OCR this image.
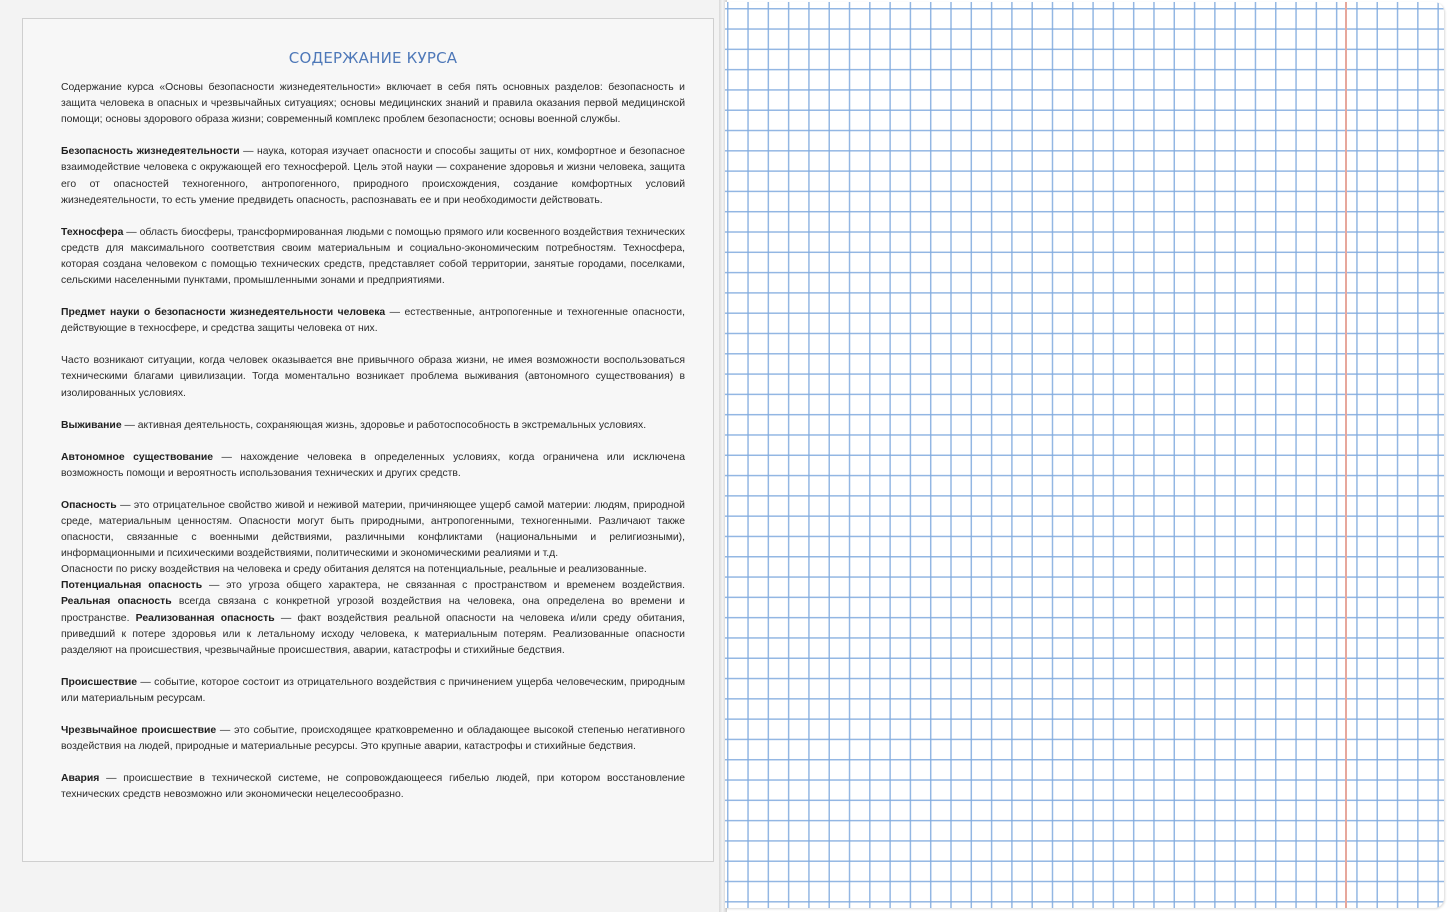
СОДЕРЖАНИЕ КУРСА

Содержание курса «Основы безопасности жизнедеятельности» включает в себя пять основных разделов: безопасность и защита человека в опасных и чрезвычайных ситуациях; основы медицинских знаний и правила оказания первой медицинской помощи; основы здорового образа жизни; современный комплекс проблем безопасности; основы военной службы.

Безопасность жизнедеятельности — наука, которая изучает опасности и способы защиты от них, комфортное и безопасное взаимодействие человека с окружающей его техносферой. Цель этой науки — сохранение здоровья и жизни человека, защита его от опасностей техногенного, антропогенного, природного происхождения, создание комфортных условий жизнедеятельности, то есть умение предвидеть опасность, распознавать ее и при необходимости действовать.

Техносфера — область биосферы, трансформированная людьми с помощью прямого или косвенного воздействия технических средств для максимального соответствия своим материальным и социально-экономическим потребностям. Техносфера, которая создана человеком с помощью технических средств, представляет собой территории, занятые городами, поселками, сельскими населенными пунктами, промышленными зонами и предприятиями.

Предмет науки о безопасности жизнедеятельности человека — естественные, антропогенные и техногенные опасности, действующие в техносфере, и средства защиты человека от них.

Часто возникают ситуации, когда человек оказывается вне привычного образа жизни, не имея возможности воспользоваться техническими благами цивилизации. Тогда моментально возникает проблема выживания (автономного существования) в изолированных условиях.

Выживание — активная деятельность, сохраняющая жизнь, здоровье и работоспособность в экстремальных условиях.

Автономное существование — нахождение человека в определенных условиях, когда ограничена или исключена возможность помощи и вероятность использования технических и других средств.

Опасность — это отрицательное свойство живой и неживой материи, причиняющее ущерб самой материи: людям, природной среде, материальным ценностям. Опасности могут быть природными, антропогенными, техногенными. Различают также опасности, связанные с военными действиями, различными конфликтами (национальными и религиозными), информационными и психическими воздействиями, политическими и экономическими реалиями и т.д.

Опасности по риску воздействия на человека и среду обитания делятся на потенциальные, реальные и реализованные.

Потенциальная опасность — это угроза общего характера, не связанная с пространством и временем воздействия. Реальная опасность всегда связана с конкретной угрозой воздействия на человека, она определена во времени и пространстве. Реализованная опасность — факт воздействия реальной опасности на человека и/или среду обитания, приведший к потере здоровья или к летальному исходу человека, к материальным потерям. Реализованные опасности разделяют на происшествия, чрезвычайные происшествия, аварии, катастрофы и стихийные бедствия.

Происшествие — событие, которое состоит из отрицательного воздействия с причинением ущерба человеческим, природным или материальным ресурсам.

Чрезвычайное происшествие — это событие, происходящее кратковременно и обладающее высокой степенью негативного воздействия на людей, природные и материальные ресурсы. Это крупные аварии, катастрофы и стихийные бедствия.

Авария — происшествие в технической системе, не сопровождающееся гибелью людей, при котором восстановление технических средств невозможно или экономически нецелесообразно.
